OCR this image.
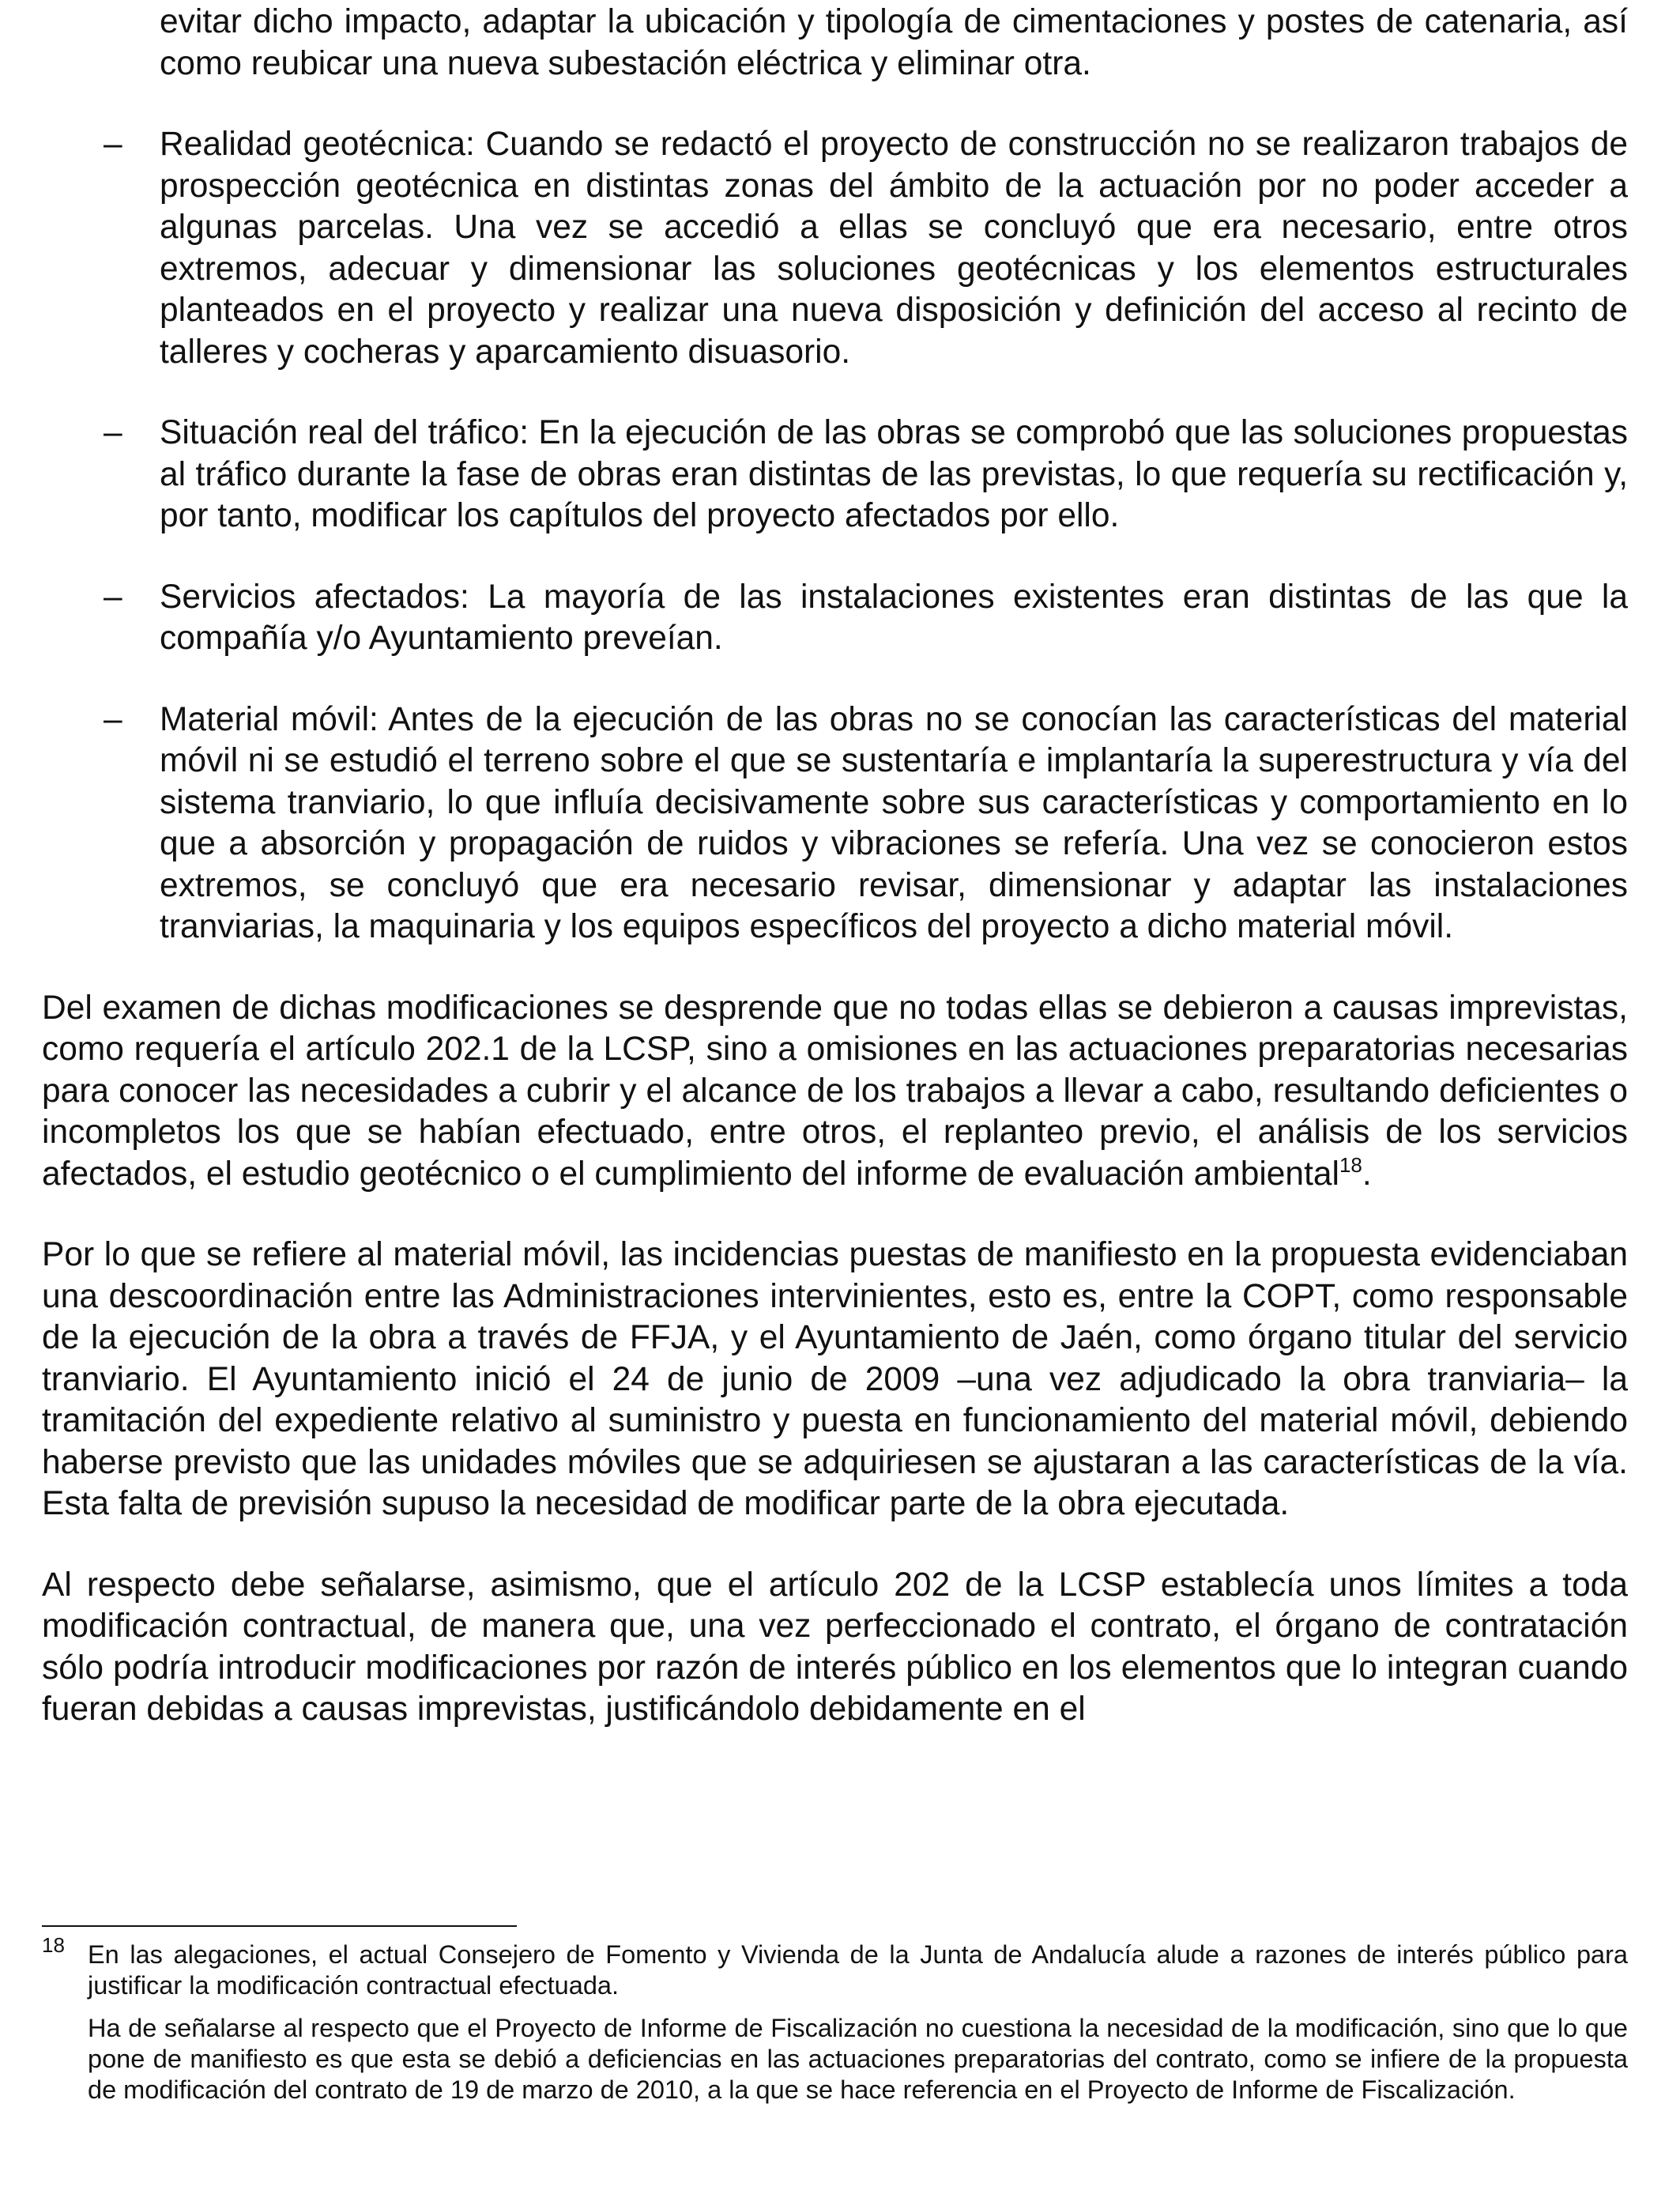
evitar dicho impacto, adaptar la ubicación y tipología de cimentaciones y postes de catenaria, así como reubicar una nueva subestación eléctrica y eliminar otra.
– Realidad geotécnica: Cuando se redactó el proyecto de construcción no se realizaron trabajos de prospección geotécnica en distintas zonas del ámbito de la actuación por no poder acceder a algunas parcelas. Una vez se accedió a ellas se concluyó que era necesario, entre otros extremos, adecuar y dimensionar las soluciones geotécnicas y los elementos estructurales planteados en el proyecto y realizar una nueva disposición y definición del acceso al recinto de talleres y cocheras y aparcamiento disuasorio.
– Situación real del tráfico: En la ejecución de las obras se comprobó que las soluciones propuestas al tráfico durante la fase de obras eran distintas de las previstas, lo que requería su rectificación y, por tanto, modificar los capítulos del proyecto afectados por ello.
– Servicios afectados: La mayoría de las instalaciones existentes eran distintas de las que la compañía y/o Ayuntamiento preveían.
– Material móvil: Antes de la ejecución de las obras no se conocían las características del material móvil ni se estudió el terreno sobre el que se sustentaría e implantaría la superestructura y vía del sistema tranviario, lo que influía decisivamente sobre sus características y comportamiento en lo que a absorción y propagación de ruidos y vibraciones se refería. Una vez se conocieron estos extremos, se concluyó que era necesario revisar, dimensionar y adaptar las instalaciones tranviarias, la maquinaria y los equipos específicos del proyecto a dicho material móvil.
Del examen de dichas modificaciones se desprende que no todas ellas se debieron a causas imprevistas, como requería el artículo 202.1 de la LCSP, sino a omisiones en las actuaciones preparatorias necesarias para conocer las necesidades a cubrir y el alcance de los trabajos a llevar a cabo, resultando deficientes o incompletos los que se habían efectuado, entre otros, el replanteo previo, el análisis de los servicios afectados, el estudio geotécnico o el cumplimiento del informe de evaluación ambiental$^{18}$.
Por lo que se refiere al material móvil, las incidencias puestas de manifiesto en la propuesta evidenciaban una descoordinación entre las Administraciones intervinientes, esto es, entre la COPT, como responsable de la ejecución de la obra a través de FFJA, y el Ayuntamiento de Jaén, como órgano titular del servicio tranviario. El Ayuntamiento inició el 24 de junio de 2009 –una vez adjudicado la obra tranviaria– la tramitación del expediente relativo al suministro y puesta en funcionamiento del material móvil, debiendo haberse previsto que las unidades móviles que se adquiriesen se ajustaran a las características de la vía. Esta falta de previsión supuso la necesidad de modificar parte de la obra ejecutada.
Al respecto debe señalarse, asimismo, que el artículo 202 de la LCSP establecía unos límites a toda modificación contractual, de manera que, una vez perfeccionado el contrato, el órgano de contratación sólo podría introducir modificaciones por razón de interés público en los elementos que lo integran cuando fueran debidas a causas imprevistas, justificándolo debidamente en el
18 En las alegaciones, el actual Consejero de Fomento y Vivienda de la Junta de Andalucía alude a razones de interés público para justificar la modificación contractual efectuada.
Ha de señalarse al respecto que el Proyecto de Informe de Fiscalización no cuestiona la necesidad de la modificación, sino que lo que pone de manifiesto es que esta se debió a deficiencias en las actuaciones preparatorias del contrato, como se infiere de la propuesta de modificación del contrato de 19 de marzo de 2010, a la que se hace referencia en el Proyecto de Informe de Fiscalización.
